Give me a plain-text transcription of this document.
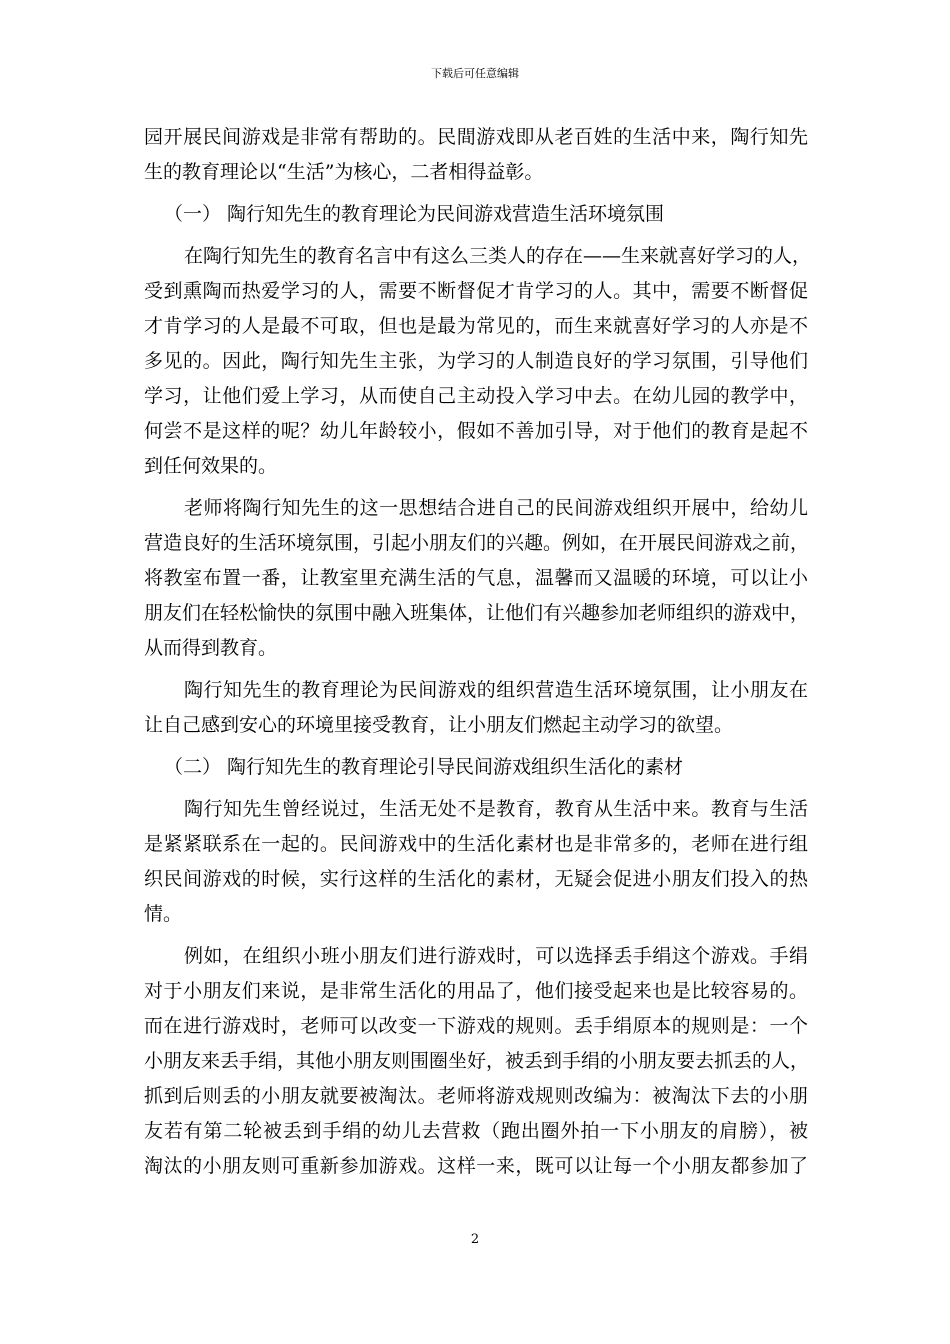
下载后可任意编辑
园开展民间游戏是非常有帮助的。民間游戏即从老百姓的生活中来，陶行知先
生的教育理论以“生活”为核心，二者相得益彰。
（一） 陶行知先生的教育理论为民间游戏营造生活环境氛围
在陶行知先生的教育名言中有这么三类人的存在——生来就喜好学习的人，
受到熏陶而热爱学习的人，需要不断督促才肯学习的人。其中，需要不断督促
才肯学习的人是最不可取，但也是最为常见的，而生来就喜好学习的人亦是不
多见的。因此，陶行知先生主张，为学习的人制造良好的学习氛围，引导他们
学习，让他们爱上学习，从而使自己主动投入学习中去。在幼儿园的教学中，
何尝不是这样的呢？幼儿年龄较小，假如不善加引导，对于他们的教育是起不
到任何效果的。
老师将陶行知先生的这一思想结合进自己的民间游戏组织开展中，给幼儿
营造良好的生活环境氛围，引起小朋友们的兴趣。例如，在开展民间游戏之前，
将教室布置一番，让教室里充满生活的气息，温馨而又温暖的环境，可以让小
朋友们在轻松愉快的氛围中融入班集体，让他们有兴趣参加老师组织的游戏中，
从而得到教育。
陶行知先生的教育理论为民间游戏的组织营造生活环境氛围，让小朋友在
让自己感到安心的环境里接受教育，让小朋友们燃起主动学习的欲望。
（二） 陶行知先生的教育理论引导民间游戏组织生活化的素材
陶行知先生曾经说过，生活无处不是教育，教育从生活中来。教育与生活
是紧紧联系在一起的。民间游戏中的生活化素材也是非常多的，老师在进行组
织民间游戏的时候，实行这样的生活化的素材，无疑会促进小朋友们投入的热
情。
例如，在组织小班小朋友们进行游戏时，可以选择丢手绢这个游戏。手绢
对于小朋友们来说，是非常生活化的用品了，他们接受起来也是比较容易的。
而在进行游戏时，老师可以改变一下游戏的规则。丢手绢原本的规则是：一个
小朋友来丢手绢，其他小朋友则围圈坐好，被丢到手绢的小朋友要去抓丢的人，
抓到后则丢的小朋友就要被淘汰。老师将游戏规则改编为：被淘汰下去的小朋
友若有第二轮被丢到手绢的幼儿去营救（跑出圈外拍一下小朋友的肩膀），被
淘汰的小朋友则可重新参加游戏。这样一来，既可以让每一个小朋友都参加了
2
